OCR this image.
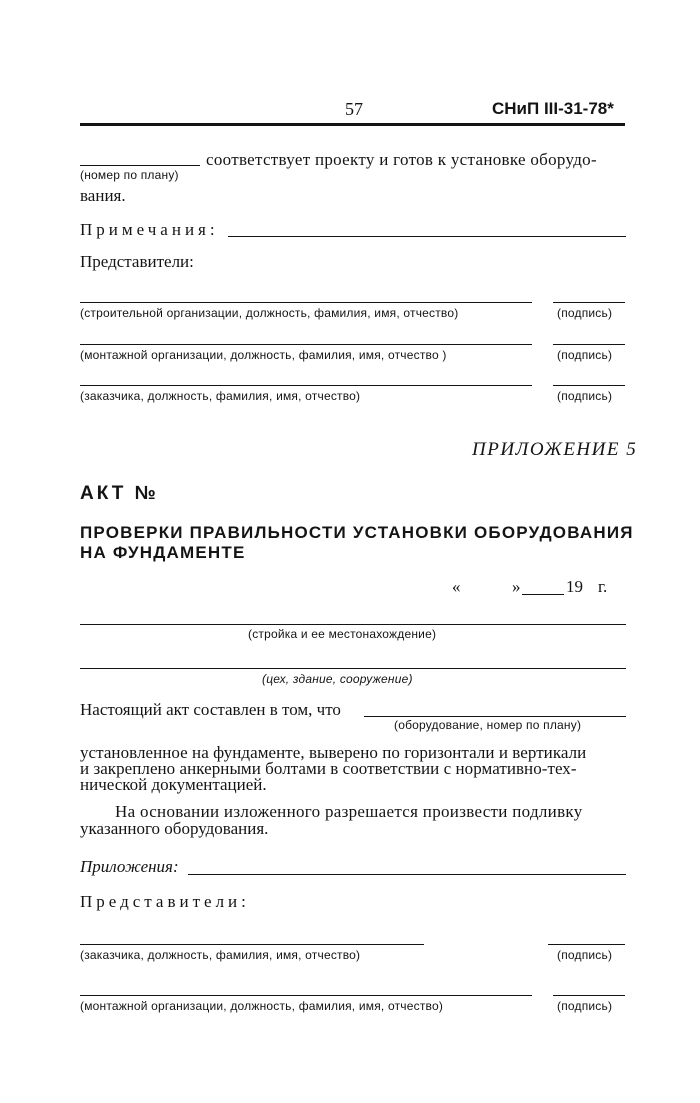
57	СНиП III-31-78*
соответствует проекту и готов к установке оборудо-
(номер по плану)
вания.
Примечания:
Представители:
(строительной организации, должность, фамилия, имя, отчество)	(подпись)
(монтажной организации, должность, фамилия, имя, отчество )	(подпись)
(заказчика, должность, фамилия, имя, отчество)	(подпись)
ПРИЛОЖЕНИЕ 5
АКТ №
ПРОВЕРКИ ПРАВИЛЬНОСТИ УСТАНОВКИ ОБОРУДОВАНИЯ
НА ФУНДАМЕНТЕ
«	»	19 г.
(стройка и ее местонахождение)
(цех, здание, сооружение)
Настоящий акт составлен в том, что
(оборудование, номер по плану)
установленное на фундаменте, выверено по горизонтали и вертикали
и закреплено анкерными болтами в соответствии с нормативно-тех-
нической документацией.
На основании изложенного разрешается произвести подливку
указанного оборудования.
Приложения:
Представители:
(заказчика, должность, фамилия, имя, отчество)	(подпись)
(монтажной организации, должность, фамилия, имя, отчество)	(подпись)
